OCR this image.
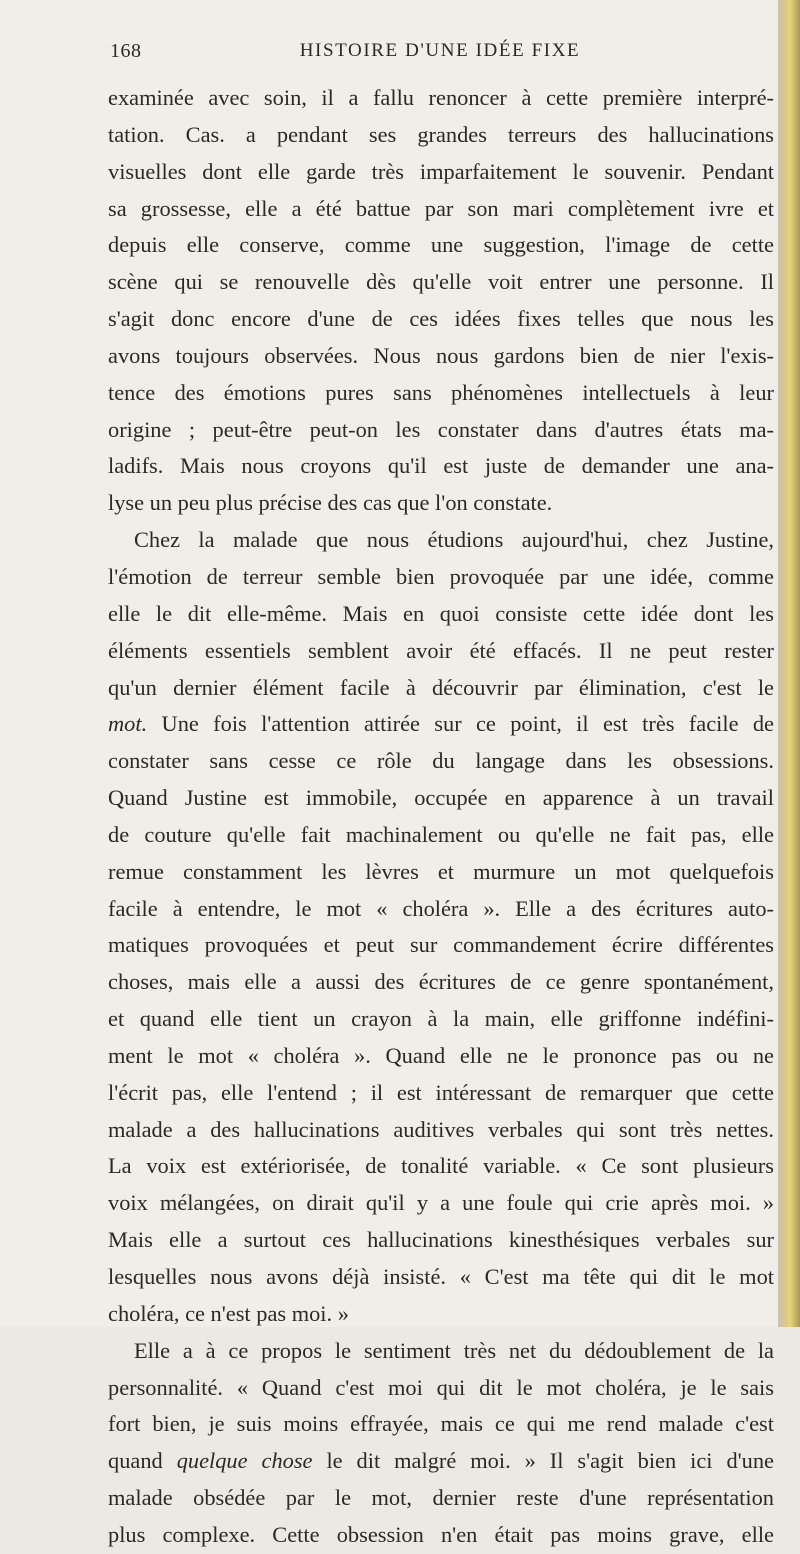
168	HISTOIRE D'UNE IDÉE FIXE
examinée avec soin, il a fallu renoncer à cette première interpré-
tation. Cas. a pendant ses grandes terreurs des hallucinations
visuelles dont elle garde très imparfaitement le souvenir. Pendant
sa grossesse, elle a été battue par son mari complètement ivre et
depuis elle conserve, comme une suggestion, l'image de cette
scène qui se renouvelle dès qu'elle voit entrer une personne. Il
s'agit donc encore d'une de ces idées fixes telles que nous les
avons toujours observées. Nous nous gardons bien de nier l'exis-
tence des émotions pures sans phénomènes intellectuels à leur
origine ; peut-être peut-on les constater dans d'autres états ma-
ladifs. Mais nous croyons qu'il est juste de demander une ana-
lyse un peu plus précise des cas que l'on constate.
Chez la malade que nous étudions aujourd'hui, chez Justine,
l'émotion de terreur semble bien provoquée par une idée, comme
elle le dit elle-même. Mais en quoi consiste cette idée dont les
éléments essentiels semblent avoir été effacés. Il ne peut rester
qu'un dernier élément facile à découvrir par élimination, c'est le
mot. Une fois l'attention attirée sur ce point, il est très facile de
constater sans cesse ce rôle du langage dans les obsessions.
Quand Justine est immobile, occupée en apparence à un travail
de couture qu'elle fait machinalement ou qu'elle ne fait pas, elle
remue constamment les lèvres et murmure un mot quelquefois
facile à entendre, le mot « choléra ». Elle a des écritures auto-
matiques provoquées et peut sur commandement écrire différentes
choses, mais elle a aussi des écritures de ce genre spontanément,
et quand elle tient un crayon à la main, elle griffonne indéfini-
ment le mot « choléra ». Quand elle ne le prononce pas ou ne
l'écrit pas, elle l'entend ; il est intéressant de remarquer que cette
malade a des hallucinations auditives verbales qui sont très nettes.
La voix est extériorisée, de tonalité variable. « Ce sont plusieurs
voix mélangées, on dirait qu'il y a une foule qui crie après moi. »
Mais elle a surtout ces hallucinations kinesthésiques verbales sur
lesquelles nous avons déjà insisté. « C'est ma tête qui dit le mot
choléra, ce n'est pas moi. »
Elle a à ce propos le sentiment très net du dédoublement de la
personnalité. « Quand c'est moi qui dit le mot choléra, je le sais
fort bien, je suis moins effrayée, mais ce qui me rend malade c'est
quand quelque chose le dit malgré moi. » Il s'agit bien ici d'une
malade obsédée par le mot, dernier reste d'une représentation
plus complexe. Cette obsession n'en était pas moins grave, elle
